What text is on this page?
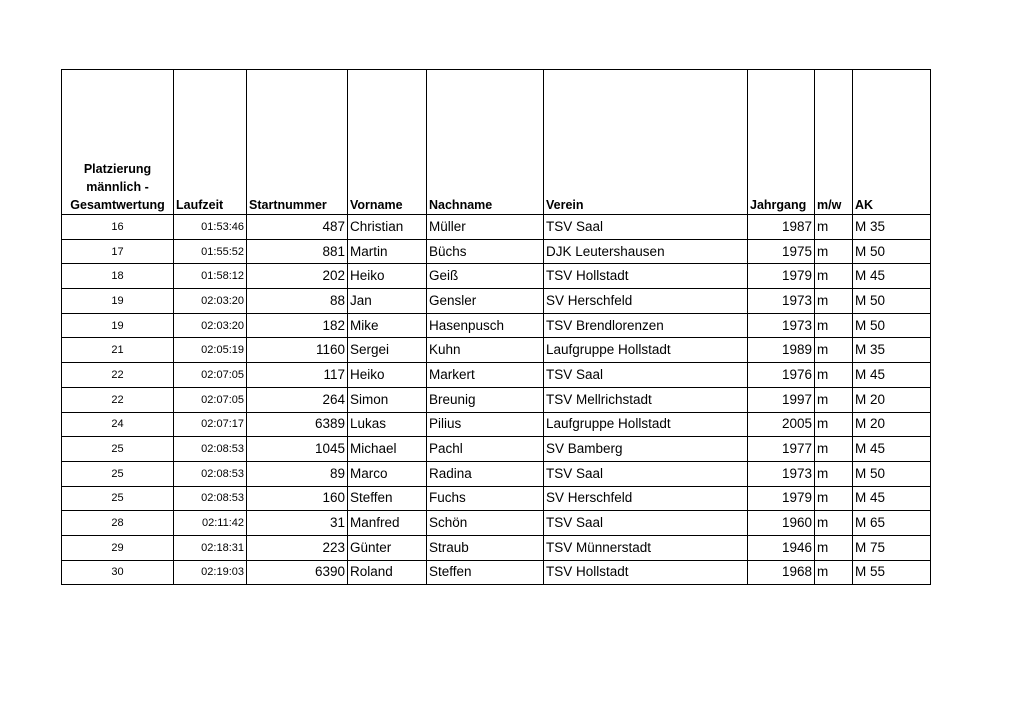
Platzierung männlich - Gesamtwertung	Laufzeit	Startnummer	Vorname	Nachname	Verein	Jahrgang	m/w	AK
16	01:53:46	487	Christian	Müller	TSV Saal	1987	m	M 35
17	01:55:52	881	Martin	Büchs	DJK Leutershausen	1975	m	M 50
18	01:58:12	202	Heiko	Geiß	TSV Hollstadt	1979	m	M 45
19	02:03:20	88	Jan	Gensler	SV Herschfeld	1973	m	M 50
19	02:03:20	182	Mike	Hasenpusch	TSV Brendlorenzen	1973	m	M 50
21	02:05:19	1160	Sergei	Kuhn	Laufgruppe Hollstadt	1989	m	M 35
22	02:07:05	117	Heiko	Markert	TSV Saal	1976	m	M 45
22	02:07:05	264	Simon	Breunig	TSV Mellrichstadt	1997	m	M 20
24	02:07:17	6389	Lukas	Pilius	Laufgruppe Hollstadt	2005	m	M 20
25	02:08:53	1045	Michael	Pachl	SV Bamberg	1977	m	M 45
25	02:08:53	89	Marco	Radina	TSV Saal	1973	m	M 50
25	02:08:53	160	Steffen	Fuchs	SV Herschfeld	1979	m	M 45
28	02:11:42	31	Manfred	Schön	TSV Saal	1960	m	M 65
29	02:18:31	223	Günter	Straub	TSV Münnerstadt	1946	m	M 75
30	02:19:03	6390	Roland	Steffen	TSV Hollstadt	1968	m	M 55
